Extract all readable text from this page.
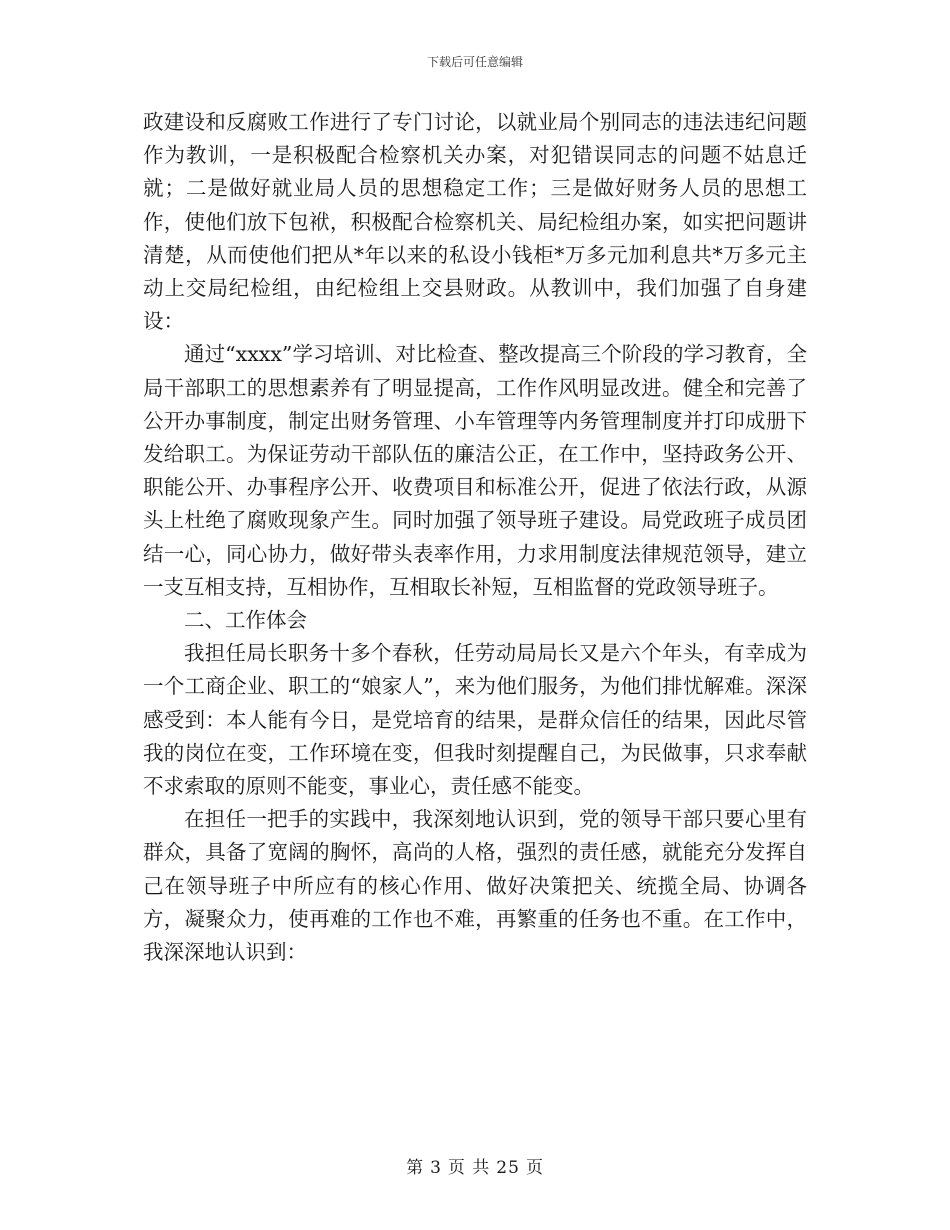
下载后可任意编辑

政建设和反腐败工作进行了专门讨论，以就业局个别同志的违法违纪问题作为教训，一是积极配合检察机关办案，对犯错误同志的问题不姑息迁就；二是做好就业局人员的思想稳定工作；三是做好财务人员的思想工作，使他们放下包袱，积极配合检察机关、局纪检组办案，如实把问题讲清楚，从而使他们把从*年以来的私设小钱柜*万多元加利息共*万多元主动上交局纪检组，由纪检组上交县财政。从教训中，我们加强了自身建设：

通过“xxxx”学习培训、对比检查、整改提高三个阶段的学习教育，全局干部职工的思想素养有了明显提高，工作作风明显改进。健全和完善了公开办事制度，制定出财务管理、小车管理等内务管理制度并打印成册下发给职工。为保证劳动干部队伍的廉洁公正，在工作中，坚持政务公开、职能公开、办事程序公开、收费项目和标准公开，促进了依法行政，从源头上杜绝了腐败现象产生。同时加强了领导班子建设。局党政班子成员团结一心，同心协力，做好带头表率作用，力求用制度法律规范领导，建立一支互相支持，互相协作，互相取长补短，互相监督的党政领导班子。

二、工作体会

我担任局长职务十多个春秋，任劳动局局长又是六个年头，有幸成为一个工商企业、职工的“娘家人”，来为他们服务，为他们排忧解难。深深感受到：本人能有今日，是党培育的结果，是群众信任的结果，因此尽管我的岗位在变，工作环境在变，但我时刻提醒自己，为民做事，只求奉献不求索取的原则不能变，事业心，责任感不能变。

在担任一把手的实践中，我深刻地认识到，党的领导干部只要心里有群众，具备了宽阔的胸怀，高尚的人格，强烈的责任感，就能充分发挥自己在领导班子中所应有的核心作用、做好决策把关、统揽全局、协调各方，凝聚众力，使再难的工作也不难，再繁重的任务也不重。在工作中，我深深地认识到：

第 3 页 共 25 页
